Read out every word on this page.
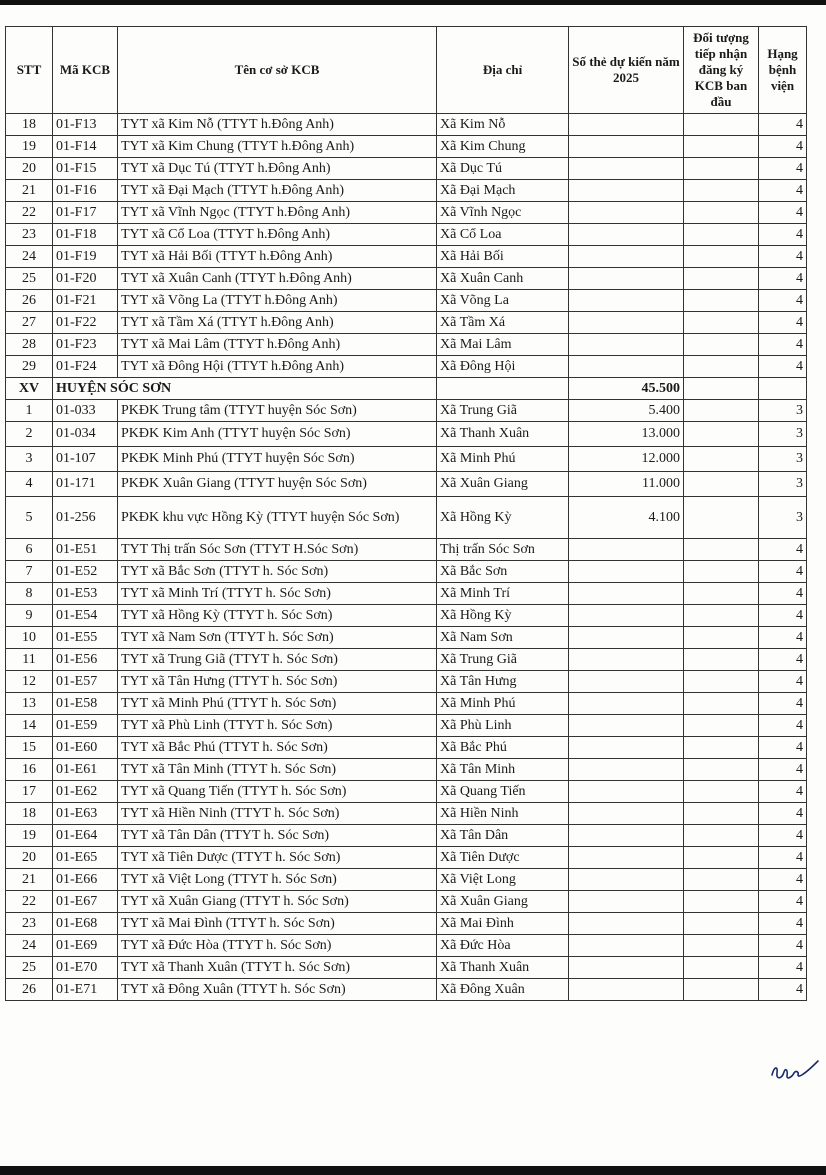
STT	Mã KCB	Tên cơ sở KCB	Địa chỉ	Số thẻ dự kiến năm 2025	Đối tượng tiếp nhận đăng ký KCB ban đầu	Hạng bệnh viện
18	01-F13	TYT xã Kim Nỗ (TTYT h.Đông Anh)	Xã Kim Nỗ			4
19	01-F14	TYT xã Kim Chung (TTYT h.Đông Anh)	Xã Kim Chung			4
20	01-F15	TYT xã Dục Tú (TTYT h.Đông Anh)	Xã Dục Tú			4
21	01-F16	TYT xã Đại Mạch (TTYT h.Đông Anh)	Xã Đại Mạch			4
22	01-F17	TYT xã Vĩnh Ngọc (TTYT h.Đông Anh)	Xã Vĩnh Ngọc			4
23	01-F18	TYT xã Cổ Loa (TTYT h.Đông Anh)	Xã Cổ Loa			4
24	01-F19	TYT xã Hải Bối (TTYT h.Đông Anh)	Xã Hải Bối			4
25	01-F20	TYT xã Xuân Canh (TTYT h.Đông Anh)	Xã Xuân Canh			4
26	01-F21	TYT xã Võng La (TTYT h.Đông Anh)	Xã Võng La			4
27	01-F22	TYT xã Tầm Xá (TTYT h.Đông Anh)	Xã Tầm Xá			4
28	01-F23	TYT xã Mai Lâm (TTYT h.Đông Anh)	Xã Mai Lâm			4
29	01-F24	TYT xã Đông Hội (TTYT h.Đông Anh)	Xã Đông Hội			4
XV	HUYỆN SÓC SƠN			45.500		
1	01-033	PKĐK Trung tâm (TTYT huyện Sóc Sơn)	Xã Trung Giã	5.400		3
2	01-034	PKĐK Kim Anh (TTYT huyện Sóc Sơn)	Xã Thanh Xuân	13.000		3
3	01-107	PKĐK Minh Phú (TTYT huyện Sóc Sơn)	Xã Minh Phú	12.000		3
4	01-171	PKĐK Xuân Giang (TTYT huyện Sóc Sơn)	Xã Xuân Giang	11.000		3
5	01-256	PKĐK khu vực Hồng Kỳ (TTYT huyện Sóc Sơn)	Xã Hồng Kỳ	4.100		3
6	01-E51	TYT Thị trấn Sóc Sơn (TTYT H.Sóc Sơn)	Thị trấn Sóc Sơn			4
7	01-E52	TYT xã Bắc Sơn (TTYT h. Sóc Sơn)	Xã Bắc Sơn			4
8	01-E53	TYT xã Minh Trí (TTYT h. Sóc Sơn)	Xã Minh Trí			4
9	01-E54	TYT xã Hồng Kỳ (TTYT h. Sóc Sơn)	Xã Hồng Kỳ			4
10	01-E55	TYT xã Nam Sơn (TTYT h. Sóc Sơn)	Xã Nam Sơn			4
11	01-E56	TYT xã Trung Giã (TTYT h. Sóc Sơn)	Xã Trung Giã			4
12	01-E57	TYT xã Tân Hưng (TTYT h. Sóc Sơn)	Xã Tân Hưng			4
13	01-E58	TYT xã Minh Phú (TTYT h. Sóc Sơn)	Xã Minh Phú			4
14	01-E59	TYT xã Phù Linh (TTYT h. Sóc Sơn)	Xã Phù Linh			4
15	01-E60	TYT xã Bắc Phú (TTYT h. Sóc Sơn)	Xã Bắc Phú			4
16	01-E61	TYT xã Tân Minh (TTYT h. Sóc Sơn)	Xã Tân Minh			4
17	01-E62	TYT xã Quang Tiến (TTYT h. Sóc Sơn)	Xã Quang Tiến			4
18	01-E63	TYT xã Hiền Ninh (TTYT h. Sóc Sơn)	Xã Hiền Ninh			4
19	01-E64	TYT xã Tân Dân (TTYT h. Sóc Sơn)	Xã Tân Dân			4
20	01-E65	TYT xã Tiên Dược (TTYT h. Sóc Sơn)	Xã Tiên Dược			4
21	01-E66	TYT xã Việt Long (TTYT h. Sóc Sơn)	Xã Việt Long			4
22	01-E67	TYT xã Xuân Giang (TTYT h. Sóc Sơn)	Xã Xuân Giang			4
23	01-E68	TYT xã Mai Đình (TTYT h. Sóc Sơn)	Xã Mai Đình			4
24	01-E69	TYT xã Đức Hòa (TTYT h. Sóc Sơn)	Xã Đức Hòa			4
25	01-E70	TYT xã Thanh Xuân (TTYT h. Sóc Sơn)	Xã Thanh Xuân			4
26	01-E71	TYT xã Đông Xuân (TTYT h. Sóc Sơn)	Xã Đông Xuân			4
